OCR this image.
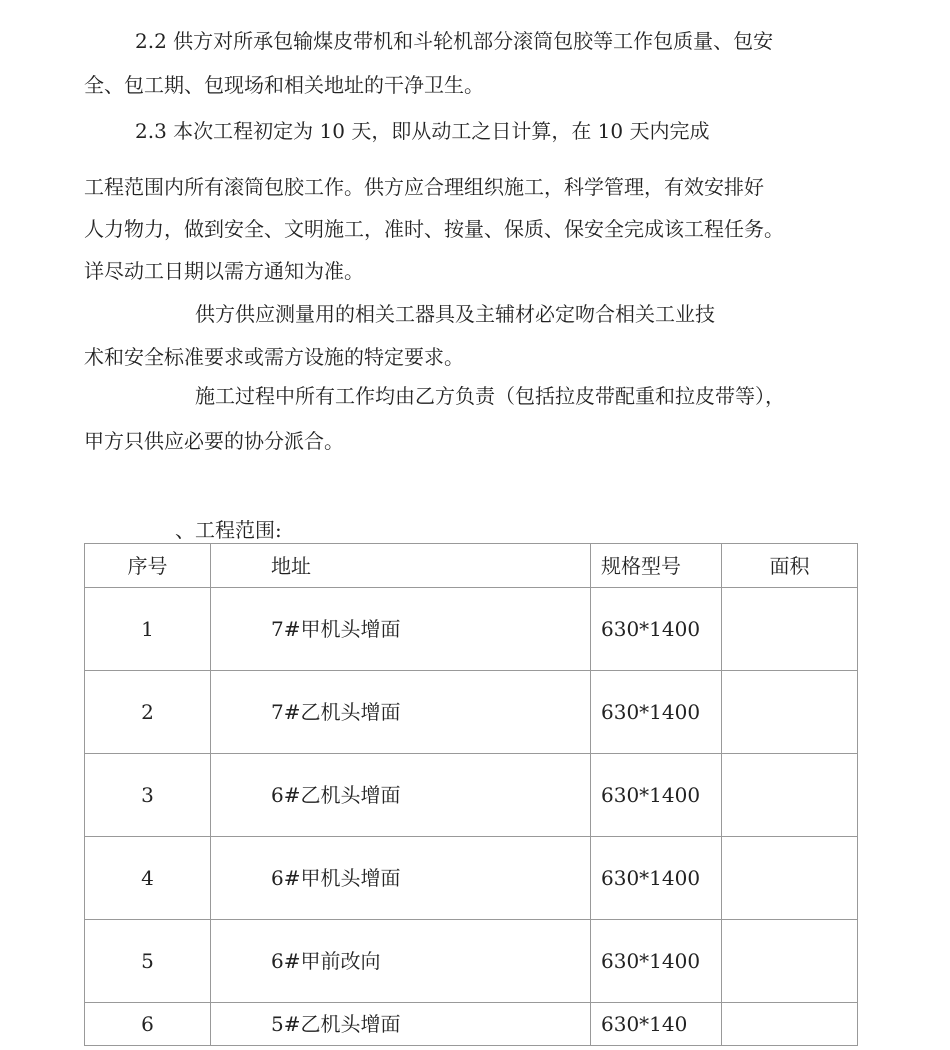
2.2 供方对所承包输煤皮带机和斗轮机部分滚筒包胶等工作包质量、包安
全、包工期、包现场和相关地址的干净卫生。
2.3 本次工程初定为 10 天，即从动工之日计算，在 10 天内完成
工程范围内所有滚筒包胶工作。供方应合理组织施工，科学管理，有效安排好
人力物力，做到安全、文明施工，准时、按量、保质、保安全完成该工程任务。
详尽动工日期以需方通知为准。
供方供应测量用的相关工器具及主辅材必定吻合相关工业技
术和安全标准要求或需方设施的特定要求。
施工过程中所有工作均由乙方负责（包括拉皮带配重和拉皮带等），
甲方只供应必要的协分派合。
、工程范围:
序号	地址	规格型号	面积
1	7#甲机头增面	630*1400	

2	7#乙机头增面	630*1400	

3	6#乙机头增面	630*1400	

4	6#甲机头增面	630*1400	

5	6#甲前改向	630*1400	

6	5#乙机头增面	630*140	
